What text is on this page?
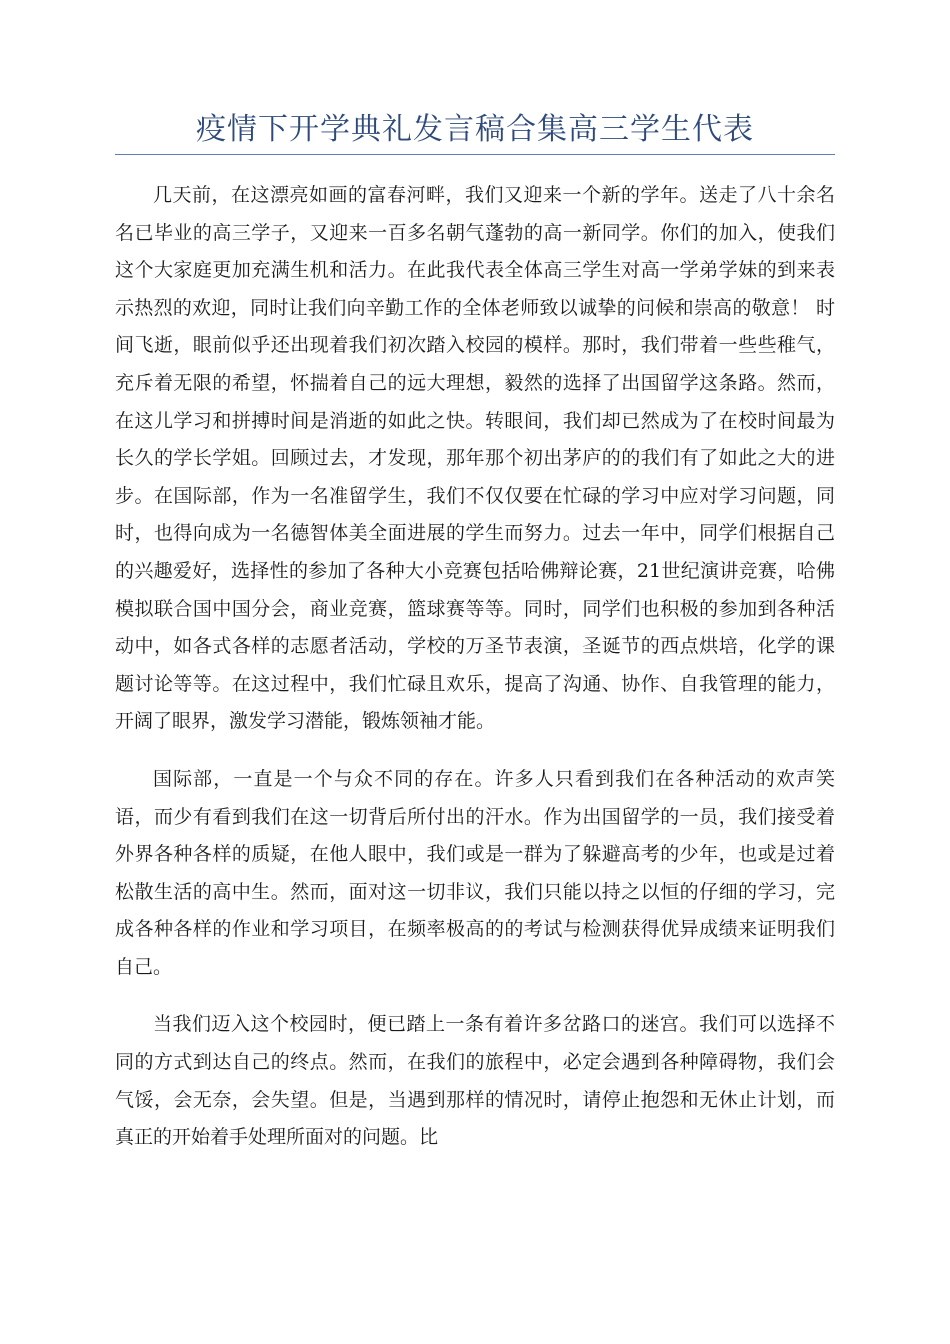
疫情下开学典礼发言稿合集高三学生代表

几天前，在这漂亮如画的富春河畔，我们又迎来一个新的学年。送走了八十余名名已毕业的高三学子，又迎来一百多名朝气蓬勃的高一新同学。你们的加入，使我们这个大家庭更加充满生机和活力。在此我代表全体高三学生对高一学弟学妹的到来表示热烈的欢迎，同时让我们向辛勤工作的全体老师致以诚挚的问候和崇高的敬意！ 时间飞逝，眼前似乎还出现着我们初次踏入校园的模样。那时，我们带着一些些稚气，充斥着无限的希望，怀揣着自己的远大理想，毅然的选择了出国留学这条路。然而，在这儿学习和拼搏时间是消逝的如此之快。转眼间，我们却已然成为了在校时间最为长久的学长学姐。回顾过去，才发现，那年那个初出茅庐的的我们有了如此之大的进步。在国际部，作为一名准留学生，我们不仅仅要在忙碌的学习中应对学习问题，同时，也得向成为一名德智体美全面进展的学生而努力。过去一年中，同学们根据自己的兴趣爱好，选择性的参加了各种大小竞赛包括哈佛辩论赛，21世纪演讲竞赛，哈佛模拟联合国中国分会，商业竞赛，篮球赛等等。同时，同学们也积极的参加到各种活动中，如各式各样的志愿者活动，学校的万圣节表演，圣诞节的西点烘培，化学的课题讨论等等。在这过程中，我们忙碌且欢乐，提高了沟通、协作、自我管理的能力，开阔了眼界，激发学习潜能，锻炼领袖才能。

国际部，一直是一个与众不同的存在。许多人只看到我们在各种活动的欢声笑语，而少有看到我们在这一切背后所付出的汗水。作为出国留学的一员，我们接受着外界各种各样的质疑，在他人眼中，我们或是一群为了躲避高考的少年，也或是过着松散生活的高中生。然而，面对这一切非议，我们只能以持之以恒的仔细的学习，完成各种各样的作业和学习项目，在频率极高的的考试与检测获得优异成绩来证明我们自己。

当我们迈入这个校园时，便已踏上一条有着许多岔路口的迷宫。我们可以选择不同的方式到达自己的终点。然而，在我们的旅程中，必定会遇到各种障碍物，我们会气馁，会无奈，会失望。但是，当遇到那样的情况时，请停止抱怨和无休止计划，而真正的开始着手处理所面对的问题。比
